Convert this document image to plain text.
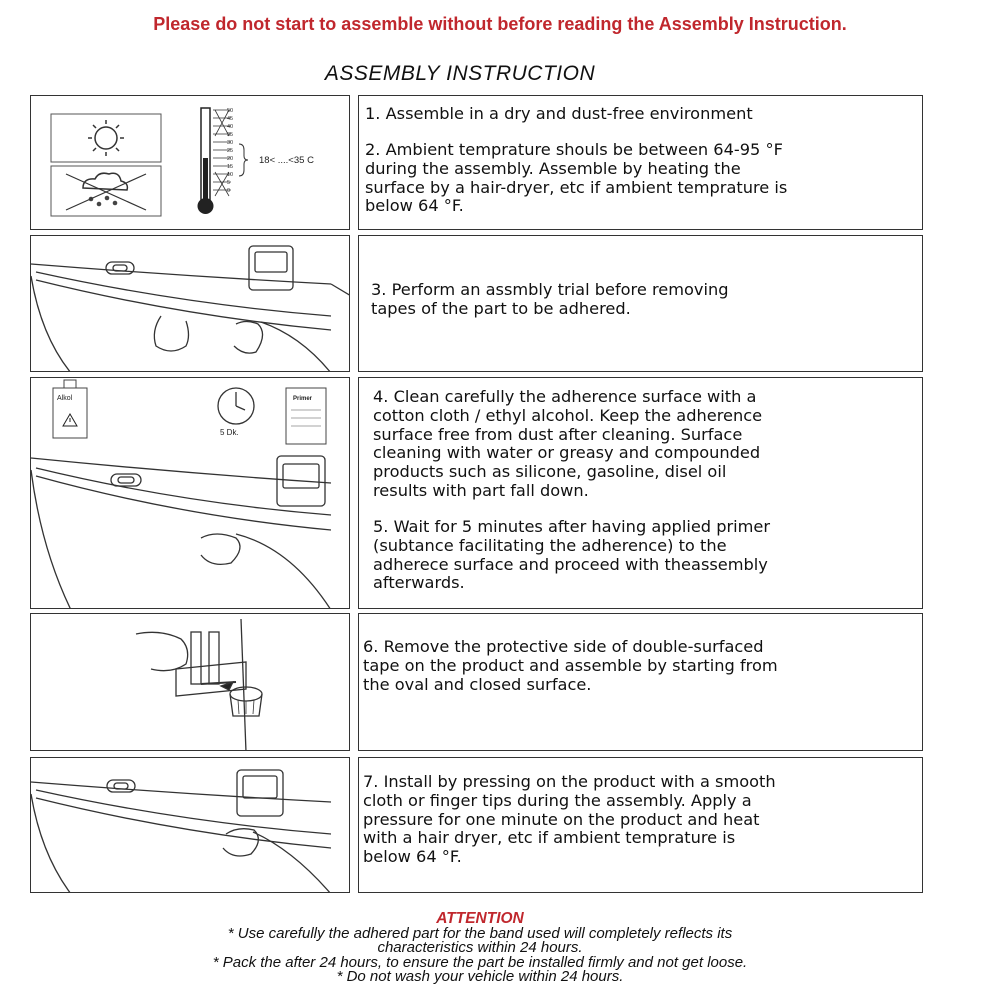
Please do not start to assemble without before reading the Assembly Instruction.
ASSEMBLY INSTRUCTION
50
45
40
35
30
25
20
15
10
5
0
18< ....<35 C
1. Assemble in a dry and dust-free environment
2. Ambient temprature shouls be between 64-95 °F
during the assembly. Assemble by heating the
surface by a hair-dryer, etc if ambient temprature is
below 64 °F.
3. Perform an assmbly trial before removing
tapes of the part to be adhered.
Alkol
5 Dk.
Primer	4. Clean carefully the adherence surface with a
cotton cloth / ethyl alcohol. Keep the adherence
surface free from dust after cleaning. Surface
cleaning with water or greasy and compounded
products such as silicone, gasoline, disel oil
results with part fall down.
5. Wait for 5 minutes after having applied primer
(subtance facilitating the adherence) to the
adherece surface and proceed with theassembly
afterwards.
6. Remove the protective side of double-surfaced
tape on the product and assemble by starting from
the oval and closed surface.
7. Install by pressing on the product with a smooth
cloth or finger tips during the assembly. Apply a
pressure for one minute on the product and heat
with a hair dryer, etc if ambient temprature is
below 64 °F.
ATTENTION
* Use carefully the adhered part for the band used will completely reflects its
characteristics within 24 hours.
* Pack the after 24 hours, to ensure the part be installed firmly and not get loose.
* Do not wash your vehicle within 24 hours.
